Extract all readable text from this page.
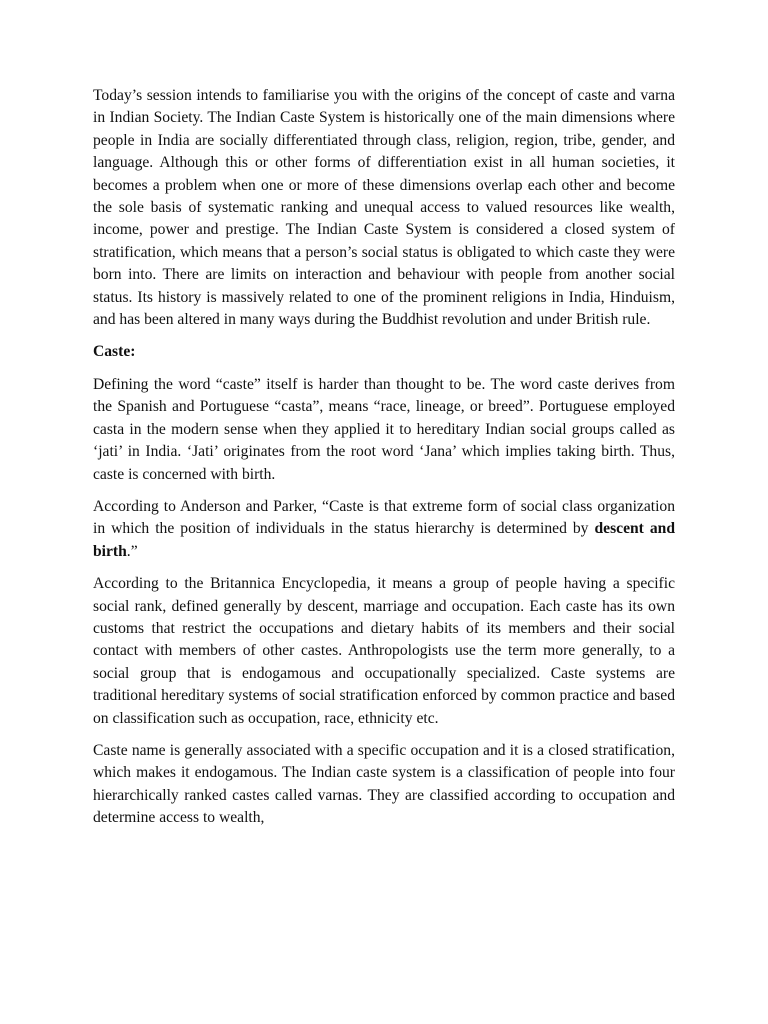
Today’s session intends to familiarise you with the origins of the concept of caste and varna in Indian Society. The Indian Caste System is historically one of the main dimensions where people in India are socially differentiated through class, religion, region, tribe, gender, and language. Although this or other forms of differentiation exist in all human societies, it becomes a problem when one or more of these dimensions overlap each other and become the sole basis of systematic ranking and unequal access to valued resources like wealth, income, power and prestige. The Indian Caste System is considered a closed system of stratification, which means that a person’s social status is obligated to which caste they were born into. There are limits on interaction and behaviour with people from another social status. Its history is massively related to one of the prominent religions in India, Hinduism, and has been altered in many ways during the Buddhist revolution and under British rule.

Caste:

Defining the word “caste” itself is harder than thought to be. The word caste derives from the Spanish and Portuguese “casta”, means “race, lineage, or breed”. Portuguese employed casta in the modern sense when they applied it to hereditary Indian social groups called as ‘jati’ in India. ‘Jati’ originates from the root word ‘Jana’ which implies taking birth. Thus, caste is concerned with birth.

According to Anderson and Parker, “Caste is that extreme form of social class organization in which the position of individuals in the status hierarchy is determined by descent and birth.”

According to the Britannica Encyclopedia, it means a group of people having a specific social rank, defined generally by descent, marriage and occupation. Each caste has its own customs that restrict the occupations and dietary habits of its members and their social contact with members of other castes. Anthropologists use the term more generally, to a social group that is endogamous and occupationally specialized. Caste systems are traditional hereditary systems of social stratification enforced by common practice and based on classification such as occupation, race, ethnicity etc.

Caste name is generally associated with a specific occupation and it is a closed stratification, which makes it endogamous. The Indian caste system is a classification of people into four hierarchically ranked castes called varnas. They are classified according to occupation and determine access to wealth,
